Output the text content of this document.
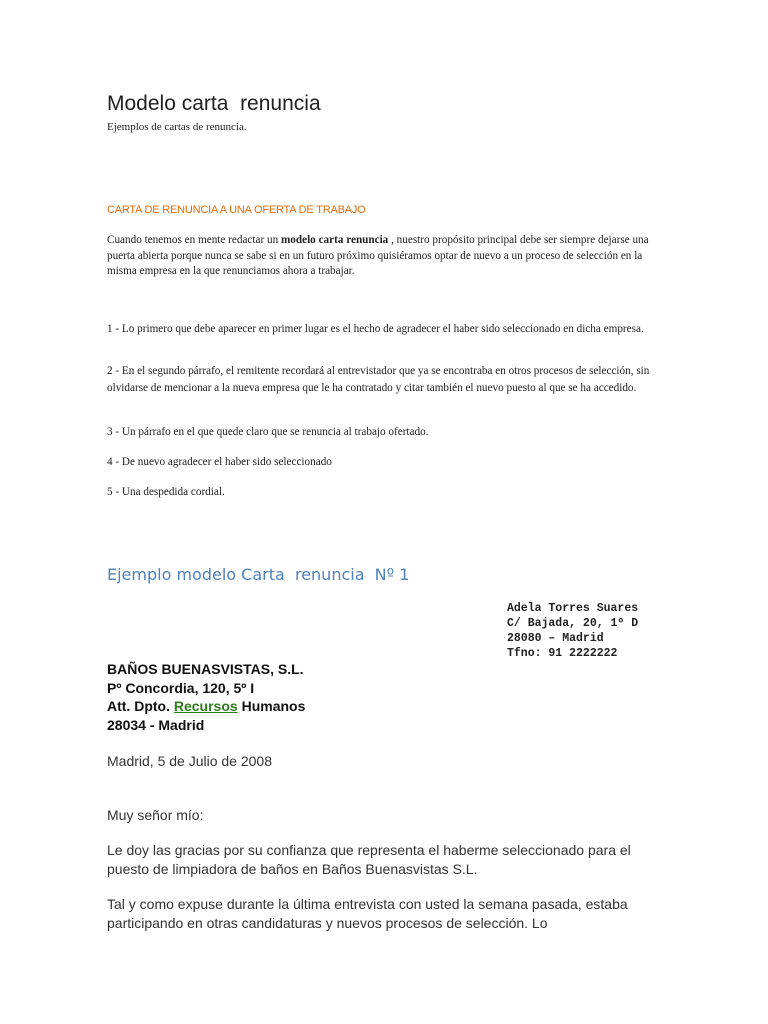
Modelo carta  renuncia

Ejemplos de cartas de renuncia.

CARTA DE RENUNCIA A UNA OFERTA DE TRABAJO

Cuando tenemos en mente redactar un modelo carta renuncia , nuestro propósito principal debe ser siempre dejarse una puerta abierta porque nunca se sabe si en un futuro próximo quisiéramos optar de nuevo a un proceso de selección en la misma empresa en la que renunciamos ahora a trabajar.

1 - Lo primero que debe aparecer en primer lugar es el hecho de agradecer el haber sido seleccionado en dicha empresa.

2 - En el segundo párrafo, el remitente recordará al entrevistador que ya se encontraba en otros procesos de selección, sin olvidarse de mencionar a la nueva empresa que le ha contratado y citar también el nuevo puesto al que se ha accedido.

3 - Un párrafo en el que quede claro que se renuncia al trabajo ofertado.

4 - De nuevo agradecer el haber sido seleccionado

5 - Una despedida cordial.

Ejemplo modelo Carta  renuncia  Nº 1
Adela Torres Suares
C/ Bajada, 20, 1º D
28080 – Madrid
Tfno: 91 2222222
BAÑOS BUENASVISTAS, S.L.
Pº Concordia, 120, 5º I
Att. Dpto. Recursos Humanos
28034 - Madrid

Madrid, 5 de Julio de 2008

Muy señor mío:

Le doy las gracias por su confianza que representa el haberme seleccionado para el puesto de limpiadora de baños en Baños Buenasvistas S.L.

Tal y como expuse durante la última entrevista con usted la semana pasada, estaba participando en otras candidaturas y nuevos procesos de selección. Lo
